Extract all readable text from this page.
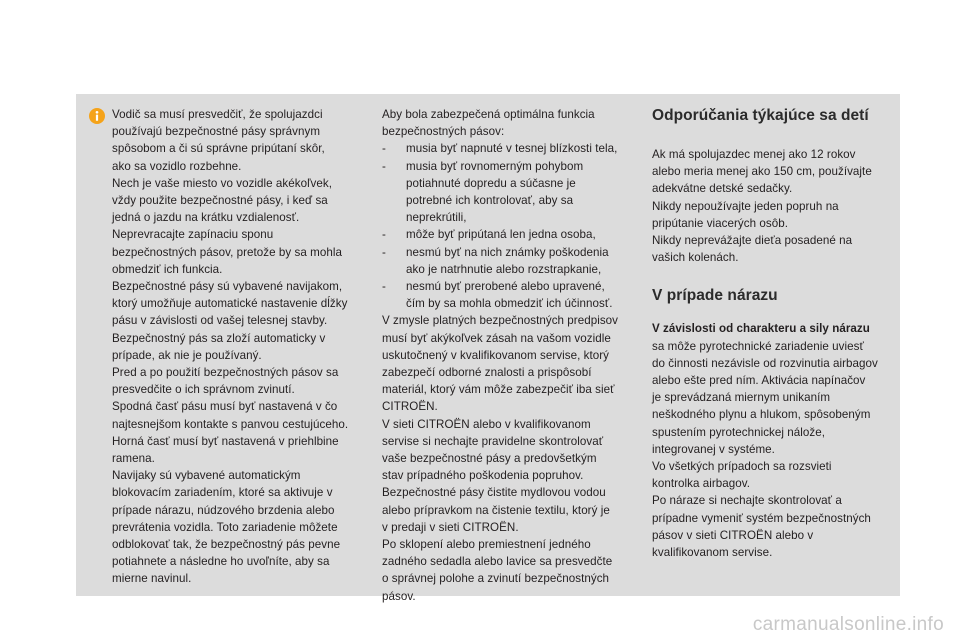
Vodič sa musí presvedčiť, že spolujazdci
používajú bezpečnostné pásy správnym
spôsobom a či sú správne pripútaní skôr,
ako sa vozidlo rozbehne.
Nech je vaše miesto vo vozidle akékoľvek,
vždy použite bezpečnostné pásy, i keď sa
jedná o jazdu na krátku vzdialenosť.
Neprevracajte zapínaciu sponu
bezpečnostných pásov, pretože by sa mohla
obmedziť ich funkcia.
Bezpečnostné pásy sú vybavené navijakom,
ktorý umožňuje automatické nastavenie dĺžky
pásu v závislosti od vašej telesnej stavby.
Bezpečnostný pás sa zloží automaticky v
prípade, ak nie je používaný.
Pred a po použití bezpečnostných pásov sa
presvedčite o ich správnom zvinutí.
Spodná časť pásu musí byť nastavená v čo
najtesnejšom kontakte s panvou cestujúceho.
Horná časť musí byť nastavená v priehlbine
ramena.
Navijaky sú vybavené automatickým
blokovacím zariadením, ktoré sa aktivuje v
prípade nárazu, núdzového brzdenia alebo
prevrátenia vozidla. Toto zariadenie môžete
odblokovať tak, že bezpečnostný pás pevne
potiahnete a následne ho uvoľníte, aby sa
mierne navinul.
Aby bola zabezpečená optimálna funkcia
bezpečnostných pásov:
- musia byť napnuté v tesnej blízkosti tela,
- musia byť rovnomerným pohybom
potiahnuté dopredu a súčasne je
potrebné ich kontrolovať, aby sa
neprekrútili,
- môže byť pripútaná len jedna osoba,
- nesmú byť na nich známky poškodenia
ako je natrhnutie alebo rozstrapkanie,
- nesmú byť prerobené alebo upravené,
čím by sa mohla obmedziť ich účinnosť.
V zmysle platných bezpečnostných predpisov
musí byť akýkoľvek zásah na vašom vozidle
uskutočnený v kvalifikovanom servise, ktorý
zabezpečí odborné znalosti a prispôsobí
materiál, ktorý vám môže zabezpečiť iba sieť
CITROËN.
V sieti CITROËN alebo v kvalifikovanom
servise si nechajte pravidelne skontrolovať
vaše bezpečnostné pásy a predovšetkým
stav prípadného poškodenia popruhov.
Bezpečnostné pásy čistite mydlovou vodou
alebo prípravkom na čistenie textilu, ktorý je
v predaji v sieti CITROËN.
Po sklopení alebo premiestnení jedného
zadného sedadla alebo lavice sa presvedčte
o správnej polohe a zvinutí bezpečnostných
pásov.
Odporúčania týkajúce sa detí
Ak má spolujazdec menej ako 12 rokov
alebo meria menej ako 150 cm, používajte
adekvátne detské sedačky.
Nikdy nepoužívajte jeden popruh na
pripútanie viacerých osôb.
Nikdy neprevážajte dieťa posadené na
vašich kolenách.
V prípade nárazu
V závislosti od charakteru a sily nárazu
sa môže pyrotechnické zariadenie uviesť
do činnosti nezávisle od rozvinutia airbagov
alebo ešte pred ním. Aktivácia napínačov
je sprevádzaná miernym unikaním
neškodného plynu a hlukom, spôsobeným
spustením pyrotechnickej nálože,
integrovanej v systéme.
Vo všetkých prípadoch sa rozsvieti
kontrolka airbagov.
Po náraze si nechajte skontrolovať a
prípadne vymeniť systém bezpečnostných
pásov v sieti CITROËN alebo v
kvalifikovanom servise.
carmanualsonline.info
